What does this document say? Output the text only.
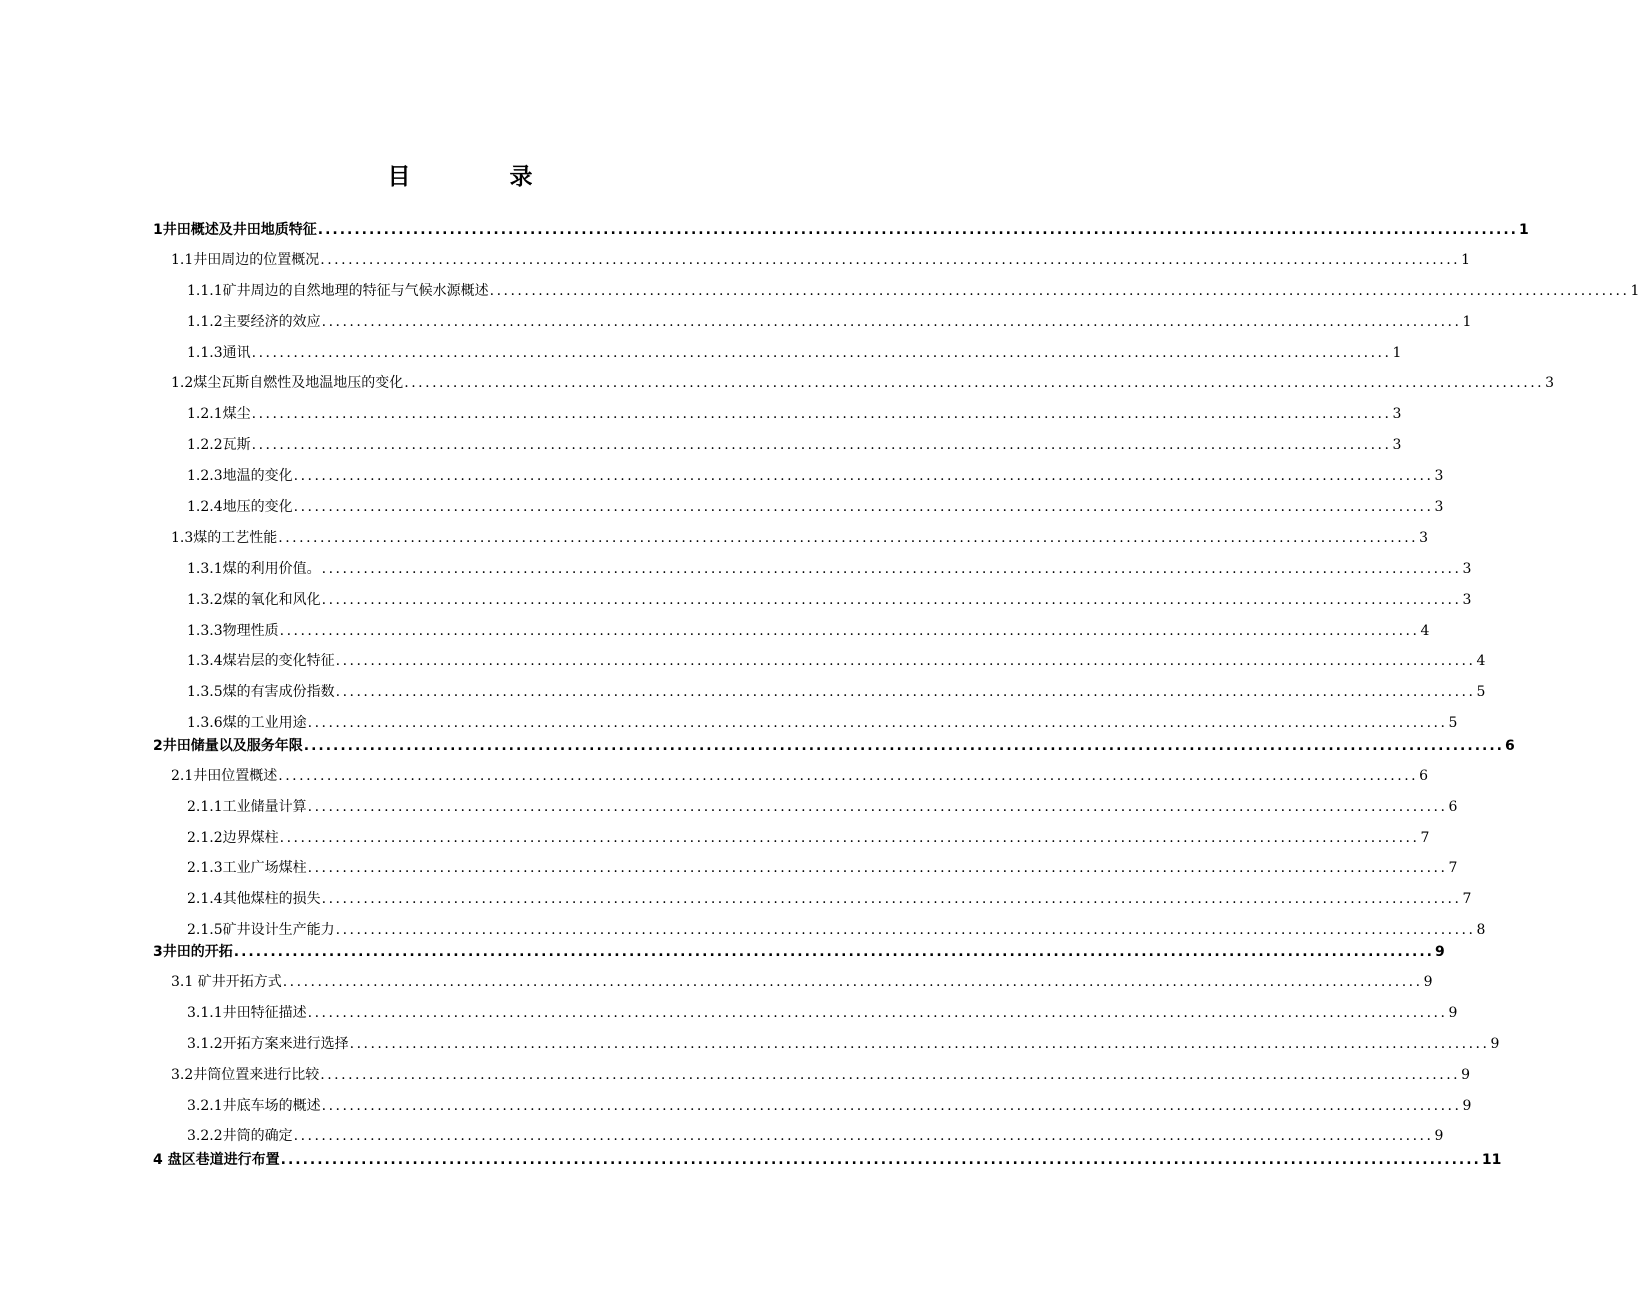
目　录
1井田概述及井田地质特征 .................................................................................................................................................................... 1
1.1井田周边的位置概况 .................................................................................................................................................................... 1
1.1.1矿井周边的自然地理的特征与气候水源概述 .................................................................................................................................................................... 1
1.1.2主要经济的效应 .................................................................................................................................................................... 1
1.1.3通讯 .................................................................................................................................................................... 1
1.2煤尘瓦斯自燃性及地温地压的变化 .................................................................................................................................................................... 3
1.2.1煤尘 .................................................................................................................................................................... 3
1.2.2瓦斯 .................................................................................................................................................................... 3
1.2.3地温的变化 .................................................................................................................................................................... 3
1.2.4地压的变化 .................................................................................................................................................................... 3
1.3煤的工艺性能 .................................................................................................................................................................... 3
1.3.1煤的利用价值。 .................................................................................................................................................................... 3
1.3.2煤的氧化和风化 .................................................................................................................................................................... 3
1.3.3物理性质 .................................................................................................................................................................... 4
1.3.4煤岩层的变化特征 .................................................................................................................................................................... 4
1.3.5煤的有害成份指数 .................................................................................................................................................................... 5
1.3.6煤的工业用途 .................................................................................................................................................................... 5
2井田储量以及服务年限 .................................................................................................................................................................... 6
2.1井田位置概述 .................................................................................................................................................................... 6
2.1.1工业储量计算 .................................................................................................................................................................... 6
2.1.2边界煤柱 .................................................................................................................................................................... 7
2.1.3工业广场煤柱 .................................................................................................................................................................... 7
2.1.4其他煤柱的损失 .................................................................................................................................................................... 7
2.1.5矿井设计生产能力 .................................................................................................................................................................... 8
3井田的开拓 .................................................................................................................................................................... 9
3.1 矿井开拓方式 .................................................................................................................................................................... 9
3.1.1井田特征描述 .................................................................................................................................................................... 9
3.1.2开拓方案来进行选择 .................................................................................................................................................................... 9
3.2井筒位置来进行比较 .................................................................................................................................................................... 9
3.2.1井底车场的概述 .................................................................................................................................................................... 9
3.2.2井筒的确定 .................................................................................................................................................................... 9
4 盘区巷道进行布置 .................................................................................................................................................................... 11
